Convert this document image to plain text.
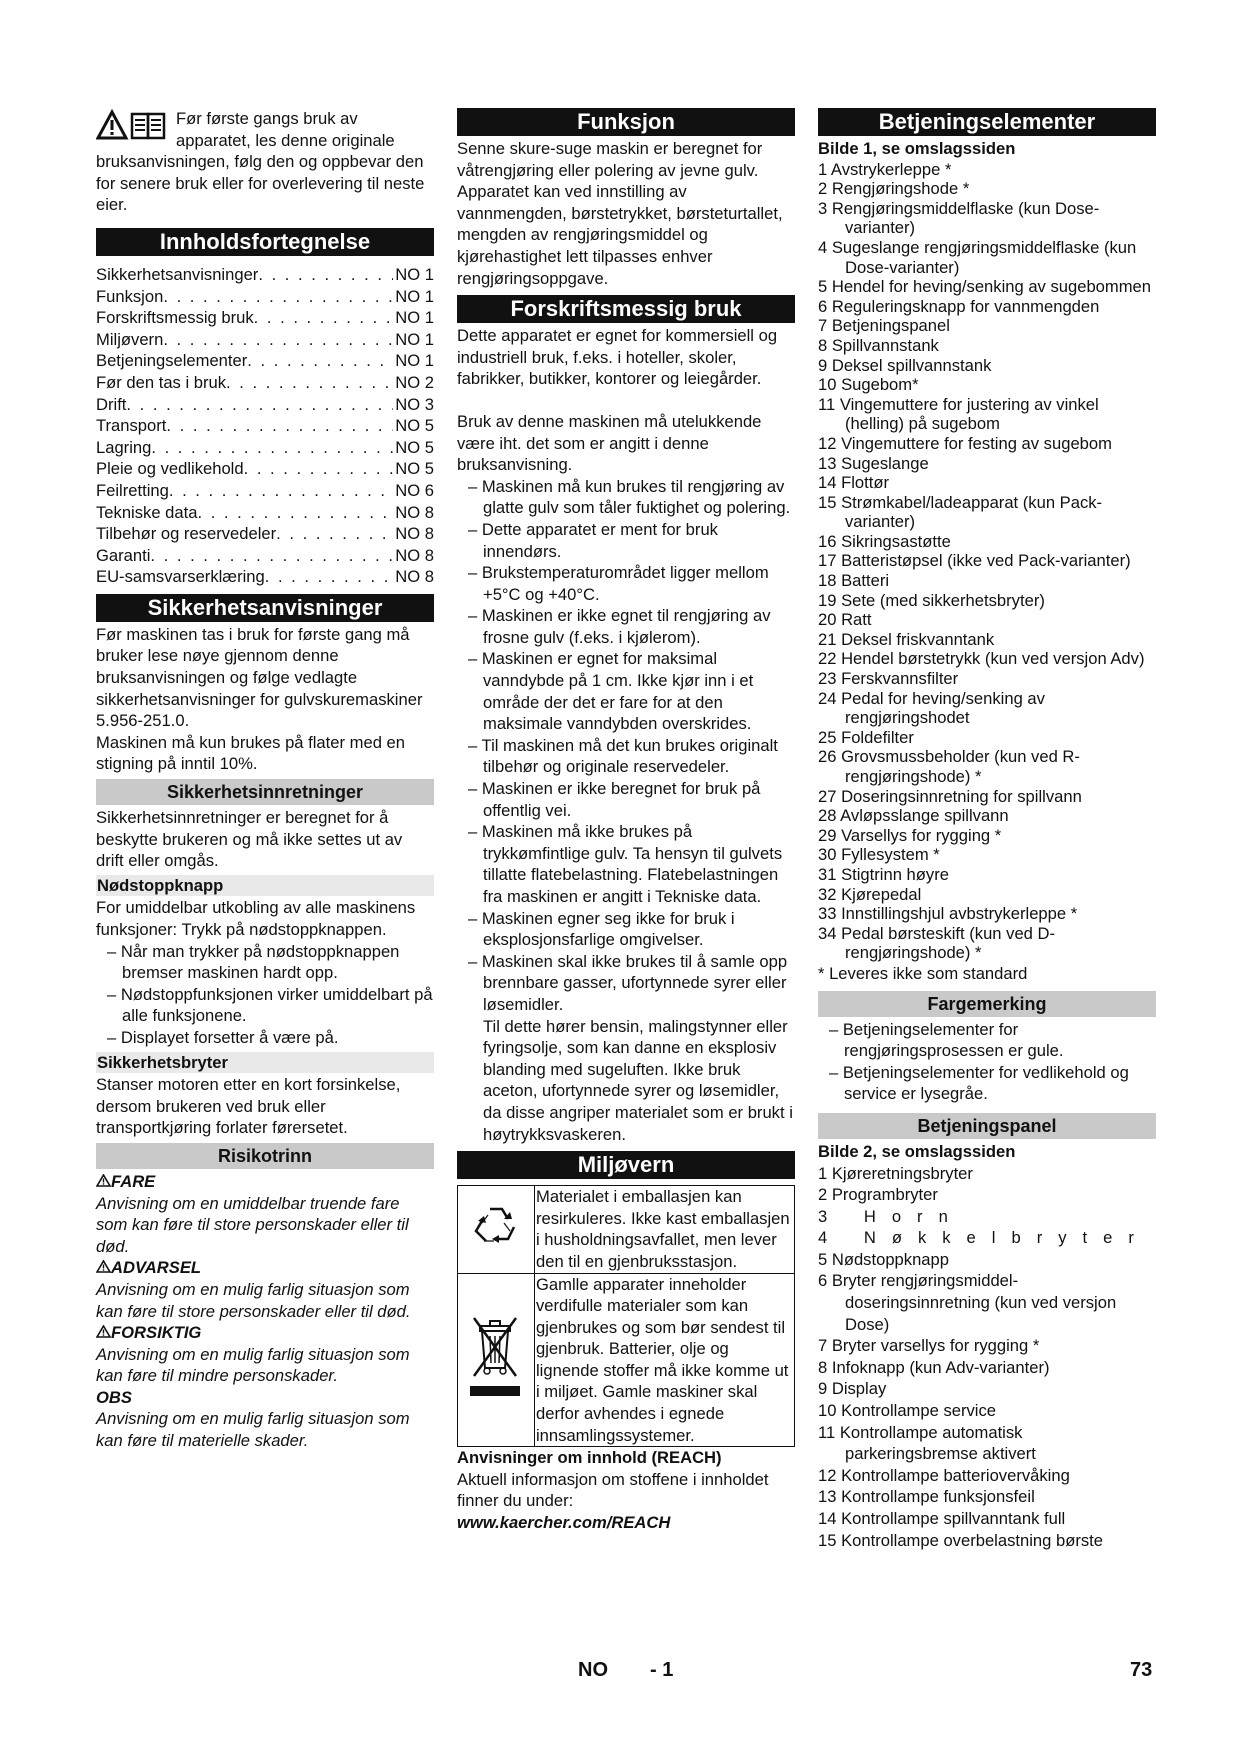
Før første gangs bruk av apparatet, les denne originale bruksanvisningen, følg den og oppbevar den for senere bruk eller for overlevering til neste eier.
Innholdsfortegnelse
Sikkerhetsanvisninger . . .	NO 1
Funksjon . . .	NO 1
Forskriftsmessig bruk . . .	NO 1
Miljøvern . . .	NO 1
Betjeningselementer . . .	NO 1
Før den tas i bruk . . .	NO 2
Drift . . .	NO 3
Transport . . .	NO 5
Lagring . . .	NO 5
Pleie og vedlikehold . . .	NO 5
Feilretting . . .	NO 6
Tekniske data . . .	NO 8
Tilbehør og reservedeler . . .	NO 8
Garanti . . .	NO 8
EU-samsvarserklæring . . .	NO 8
Sikkerhetsanvisninger

Før maskinen tas i bruk for første gang må bruker lese nøye gjennom denne bruksanvisningen og følge vedlagte sikkerhetsanvisninger for gulvskuremaskiner 5.956-251.0.

Maskinen må kun brukes på flater med en stigning på inntil 10%.

Sikkerhetsinnretninger

Sikkerhetsinnretninger er beregnet for å beskytte brukeren og må ikke settes ut av drift eller omgås.

Nødstoppknapp

For umiddelbar utkobling av alle maskinens funksjoner: Trykk på nødstoppknappen.

– Når man trykker på nødstoppknappen bremser maskinen hardt opp.
– Nødstoppfunksjonen virker umiddelbart på alle funksjonene.
– Displayet forsetter å være på.
Sikkerhetsbryter

Stanser motoren etter en kort forsinkelse, dersom brukeren ved bruk eller transportkjøring forlater førersetet.

Risikotrinn
FARE
Anvisning om en umiddelbar truende fare som kan føre til store personskader eller til død.
ADVARSEL
Anvisning om en mulig farlig situasjon som kan føre til store personskader eller til død.
FORSIKTIG
Anvisning om en mulig farlig situasjon som kan føre til mindre personskader.
OBS
Anvisning om en mulig farlig situasjon som kan føre til materielle skader.
Funksjon

Senne skure-suge maskin er beregnet for våtrengjøring eller polering av jevne gulv. Apparatet kan ved innstilling av vannmengden, børstetrykket, børsteturtallet, mengden av rengjøringsmiddel og kjørehastighet lett tilpasses enhver rengjøringsoppgave.

Forskriftsmessig bruk

Dette apparatet er egnet for kommersiell og industriell bruk, f.eks. i hoteller, skoler, fabrikker, butikker, kontorer og leiegårder.

Bruk av denne maskinen må utelukkende være iht. det som er angitt i denne bruksanvisning.

– Maskinen må kun brukes til rengjøring av glatte gulv som tåler fuktighet og polering.
– Dette apparatet er ment for bruk innendørs.
– Brukstemperaturområdet ligger mellom +5°C og +40°C.
– Maskinen er ikke egnet til rengjøring av frosne gulv (f.eks. i kjølerom).
– Maskinen er egnet for maksimal vanndybde på 1 cm. Ikke kjør inn i et område der det er fare for at den maksimale vanndybden overskrides.
– Til maskinen må det kun brukes originalt tilbehør og originale reservedeler.
– Maskinen er ikke beregnet for bruk på offentlig vei.
– Maskinen må ikke brukes på trykkømfintlige gulv. Ta hensyn til gulvets tillatte flatebelastning. Flatebelastningen fra maskinen er angitt i Tekniske data.
– Maskinen egner seg ikke for bruk i eksplosjonsfarlige omgivelser.
– Maskinen skal ikke brukes til å samle opp brennbare gasser, ufortynnede syrer eller løsemidler.

Til dette hører bensin, malingstynner eller fyringsolje, som kan danne en eksplosiv blanding med sugeluften. Ikke bruk aceton, ufortynnede syrer og løsemidler, da disse angriper materialet som er brukt i høytrykksvaskeren.

Miljøvern
	Materialet i emballasjen kan resirkuleres. Ikke kast emballasjen i husholdningsavfallet, men lever den til en gjenbruksstasjon.
	Gamlle apparater inneholder verdifulle materialer som kan gjenbrukes og som bør sendest til gjenbruk. Batterier, olje og lignende stoffer må ikke komme ut i miljøet. Gamle maskiner skal derfor avhendes i egnede innsamlingssystemer.

Anvisninger om innhold (REACH)

Aktuell informasjon om stoffene i innholdet finner du under:

www.kaercher.com/REACH

Betjeningselementer

Bilde 1, se omslagssiden

1 Avstrykerleppe *
2 Rengjøringshode *
3 Rengjøringsmiddelflaske (kun Dose-varianter)
4 Sugeslange rengjøringsmiddelflaske (kun Dose-varianter)
5 Hendel for heving/senking av sugebommen
6 Reguleringsknapp for vannmengden
7 Betjeningspanel
8 Spillvannstank
9 Deksel spillvannstank
10 Sugebom*
11 Vingemuttere for justering av vinkel (helling) på sugebom
12 Vingemuttere for festing av sugebom
13 Sugeslange
14 Flottør
15 Strømkabel/ladeapparat (kun Pack-varianter)
16 Sikringsastøtte
17 Batteristøpsel (ikke ved Pack-varianter)
18 Batteri
19 Sete (med sikkerhetsbryter)
20 Ratt
21 Deksel friskvanntank
22 Hendel børstetrykk (kun ved versjon Adv)
23 Ferskvannsfilter
24 Pedal for heving/senking av rengjøringshodet
25 Foldefilter
26 Grovsmussbeholder (kun ved R-rengjøringshode) *
27 Doseringsinnretning for spillvann
28 Avløpsslange spillvann
29 Varsellys for rygging *
30 Fyllesystem *
31 Stigtrinn høyre
32 Kjørepedal
33 Innstillingshjul avbstrykerleppe *
34 Pedal børsteskift (kun ved D-rengjøringshode) *

* Leveres ikke som standard

Fargemerking
– Betjeningselementer for rengjøringsprosessen er gule.
– Betjeningselementer for vedlikehold og service er lysegråe.
Betjeningspanel

Bilde 2, se omslagssiden

1 Kjøreretningsbryter
2 Programbryter
3 Horn
4 Nøkkelbryter
5 Nødstoppknapp
6 Bryter rengjøringsmiddel-doseringsinnretning (kun ved versjon Dose)
7 Bryter varsellys for rygging *
8 Infoknapp (kun Adv-varianter)
9 Display
10 Kontrollampe service
11 Kontrollampe automatisk parkeringsbremse aktivert
12 Kontrollampe batteriovervåking
13 Kontrollampe funksjonsfeil
14 Kontrollampe spillvanntank full
15 Kontrollampe overbelastning børste
NO - 1	73
